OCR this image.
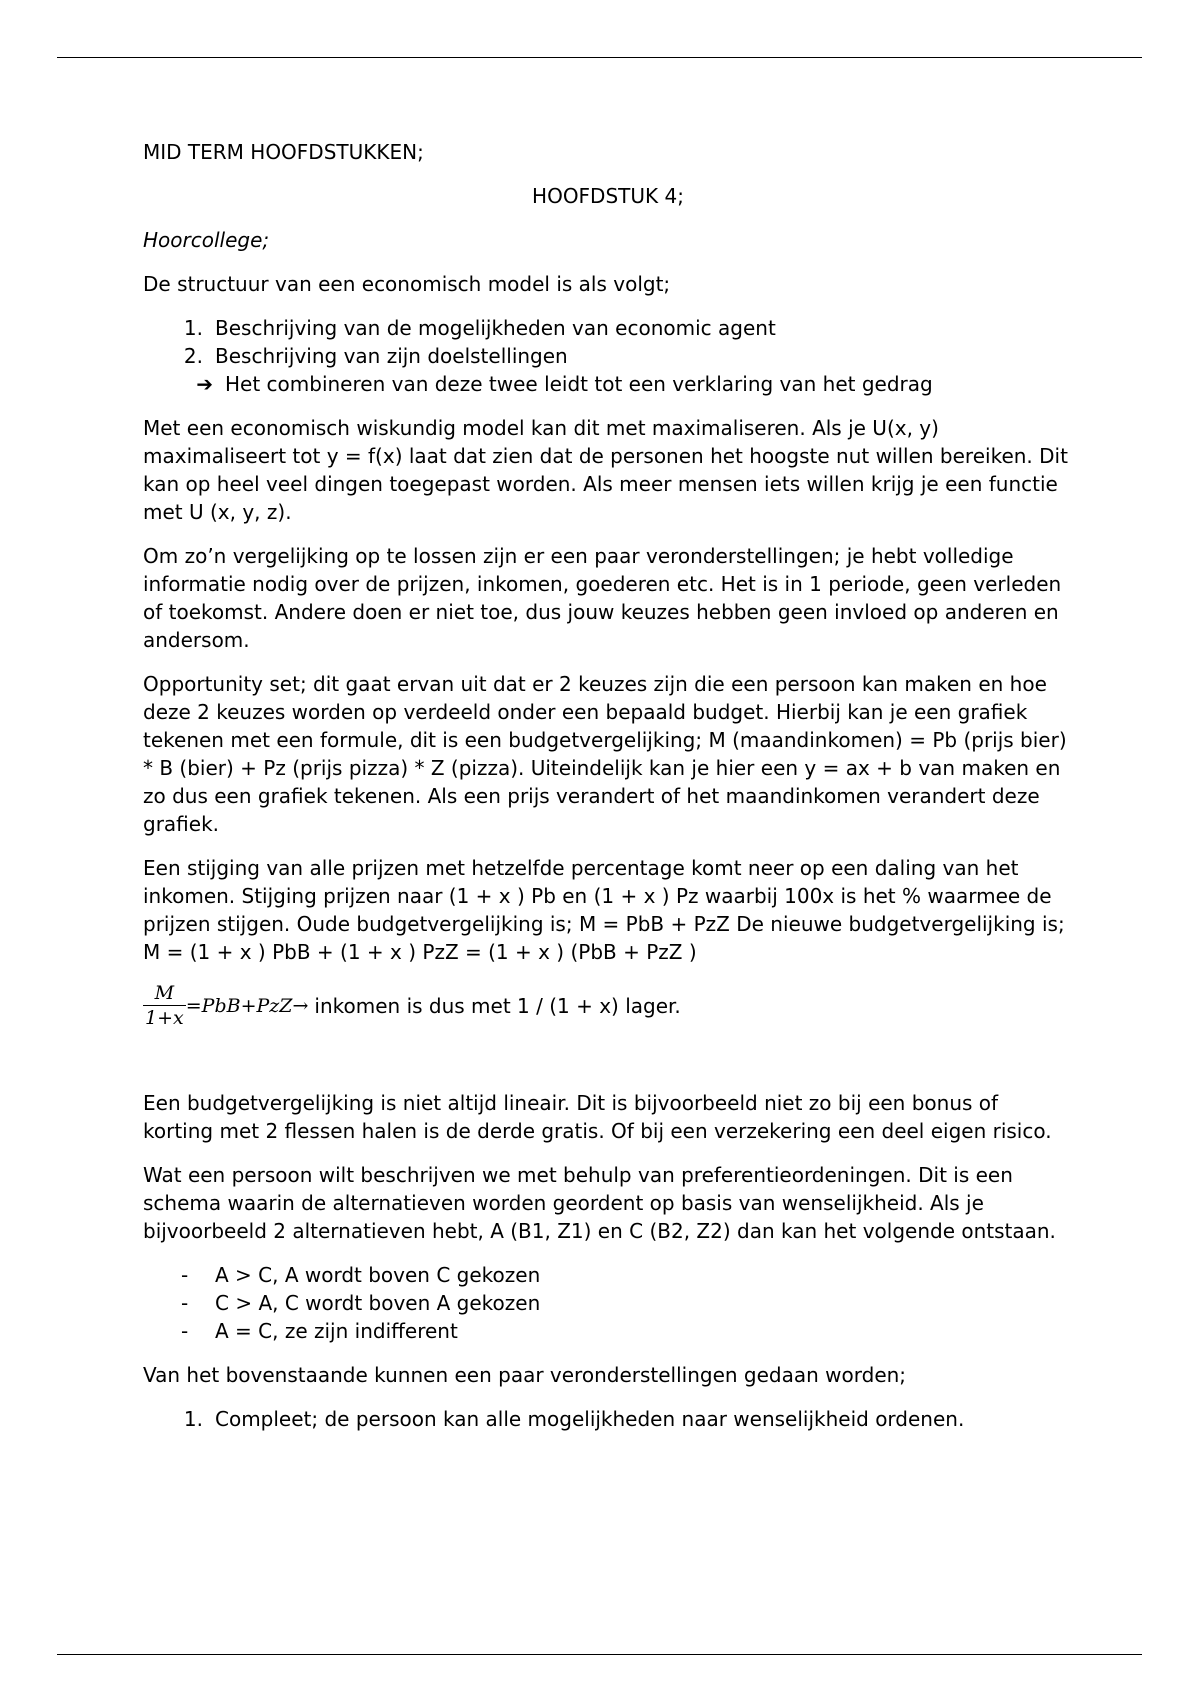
MID TERM HOOFDSTUKKEN;

HOOFDSTUK 4;

Hoorcollege;

De structuur van een economisch model is als volgt;

1. Beschrijving van de mogelijkheden van economic agent
2. Beschrijving van zijn doelstellingen
➔ Het combineren van deze twee leidt tot een verklaring van het gedrag

Met een economisch wiskundig model kan dit met maximaliseren. Als je U(x, y) maximaliseert tot y = f(x) laat dat zien dat de personen het hoogste nut willen bereiken. Dit kan op heel veel dingen toegepast worden. Als meer mensen iets willen krijg je een functie met U (x, y, z).

Om zo’n vergelijking op te lossen zijn er een paar veronderstellingen; je hebt volledige informatie nodig over de prijzen, inkomen, goederen etc. Het is in 1 periode, geen verleden of toekomst. Andere doen er niet toe, dus jouw keuzes hebben geen invloed op anderen en andersom.

Opportunity set; dit gaat ervan uit dat er 2 keuzes zijn die een persoon kan maken en hoe deze 2 keuzes worden op verdeeld onder een bepaald budget. Hierbij kan je een grafiek tekenen met een formule, dit is een budgetvergelijking; M (maandinkomen) = Pb (prijs bier) * B (bier) + Pz (prijs pizza) * Z (pizza). Uiteindelijk kan je hier een y = ax + b van maken en zo dus een grafiek tekenen. Als een prijs verandert of het maandinkomen verandert deze grafiek.

Een stijging van alle prijzen met hetzelfde percentage komt neer op een daling van het inkomen. Stijging prijzen naar (1 + x ) Pb en (1 + x ) Pz waarbij 100x is het % waarmee de prijzen stijgen. Oude budgetvergelijking is; M = PbB + PzZ De nieuwe budgetvergelijking is; M = (1 + x ) PbB + (1 + x ) PzZ = (1 + x ) (PbB + PzZ )

$\frac{M}{1+x} =PbB+PzZ\to$ inkomen is dus met 1 / (1 + x) lager.

Een budgetvergelijking is niet altijd lineair. Dit is bijvoorbeeld niet zo bij een bonus of korting met 2 flessen halen is de derde gratis. Of bij een verzekering een deel eigen risico.

Wat een persoon wilt beschrijven we met behulp van preferentieordeningen. Dit is een schema waarin de alternatieven worden geordent op basis van wenselijkheid. Als je bijvoorbeeld 2 alternatieven hebt, A (B1, Z1) en C (B2, Z2) dan kan het volgende ontstaan.

-	A > C, A wordt boven C gekozen
-	C > A, C wordt boven A gekozen
-	A = C, ze zijn indifferent

Van het bovenstaande kunnen een paar veronderstellingen gedaan worden;

1. Compleet; de persoon kan alle mogelijkheden naar wenselijkheid ordenen.
